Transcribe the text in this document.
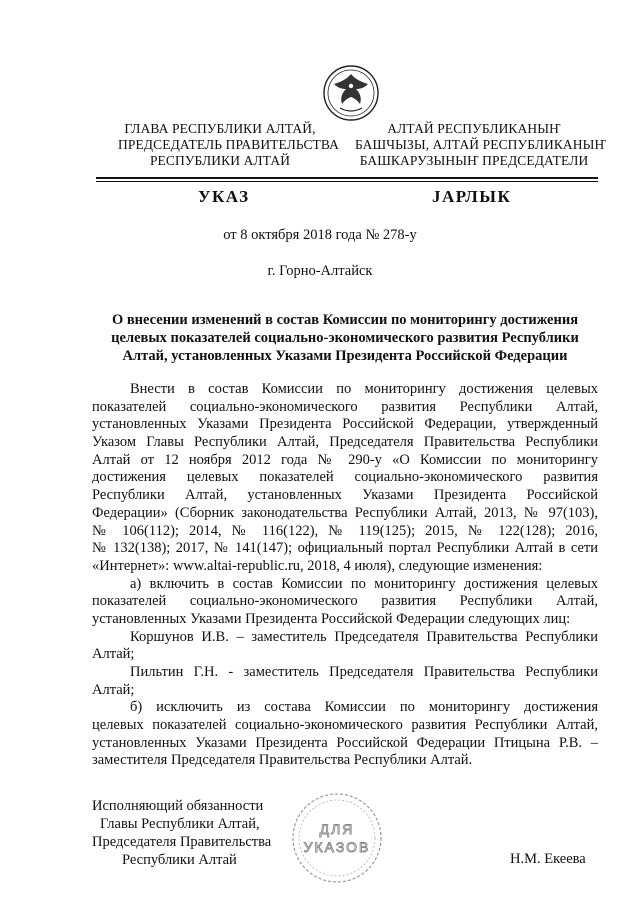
ГЛАВА РЕСПУБЛИКИ АЛТАЙ,
ПРЕДСЕДАТЕЛЬ ПРАВИТЕЛЬСТВА
РЕСПУБЛИКИ АЛТАЙ
АЛТАЙ РЕСПУБЛИКАНЫҤ
БАШЧЫЗЫ, АЛТАЙ РЕСПУБЛИКАНЫҤ
БАШКАРУЗЫНЫҤ ПРЕДСЕДАТЕЛИ
УКАЗ	ЈАРЛЫК
от 8 октября 2018 года № 278-у
г. Горно-Алтайск
О внесении изменений в состав Комиссии по мониторингу достижения
целевых показателей социально-экономического развития Республики
Алтай, установленных Указами Президента Российской Федерации
Внести в состав Комиссии по мониторингу достижения целевых
показателей социально-экономического развития Республики Алтай,
установленных Указами Президента Российской Федерации, утвержденный
Указом Главы Республики Алтай, Председателя Правительства Республики
Алтай от 12 ноября 2012 года № 290-у «О Комиссии по мониторингу
достижения целевых показателей социально-экономического развития
Республики Алтай, установленных Указами Президента Российской
Федерации» (Сборник законодательства Республики Алтай, 2013, № 97(103),
№ 106(112); 2014, № 116(122), № 119(125); 2015, № 122(128); 2016,
№ 132(138); 2017, № 141(147); официальный портал Республики Алтай в сети
«Интернет»: www.altai-republic.ru, 2018, 4 июля), следующие изменения:
а) включить в состав Комиссии по мониторингу достижения целевых
показателей социально-экономического развития Республики Алтай,
установленных Указами Президента Российской Федерации следующих лиц:
Коршунов И.В. – заместитель Председателя Правительства Республики
Алтай;
Пильтин Г.Н. - заместитель Председателя Правительства Республики
Алтай;
б) исключить из состава Комиссии по мониторингу достижения
целевых показателей социально-экономического развития Республики Алтай,
установленных Указами Президента Российской Федерации Птицына Р.В. –
заместителя Председателя Правительства Республики Алтай.
ДЛЯ
УКАЗОВ
Исполняющий обязанности
Главы Республики Алтай,
Председателя Правительства
Республики Алтай	Н.М. Екеева
